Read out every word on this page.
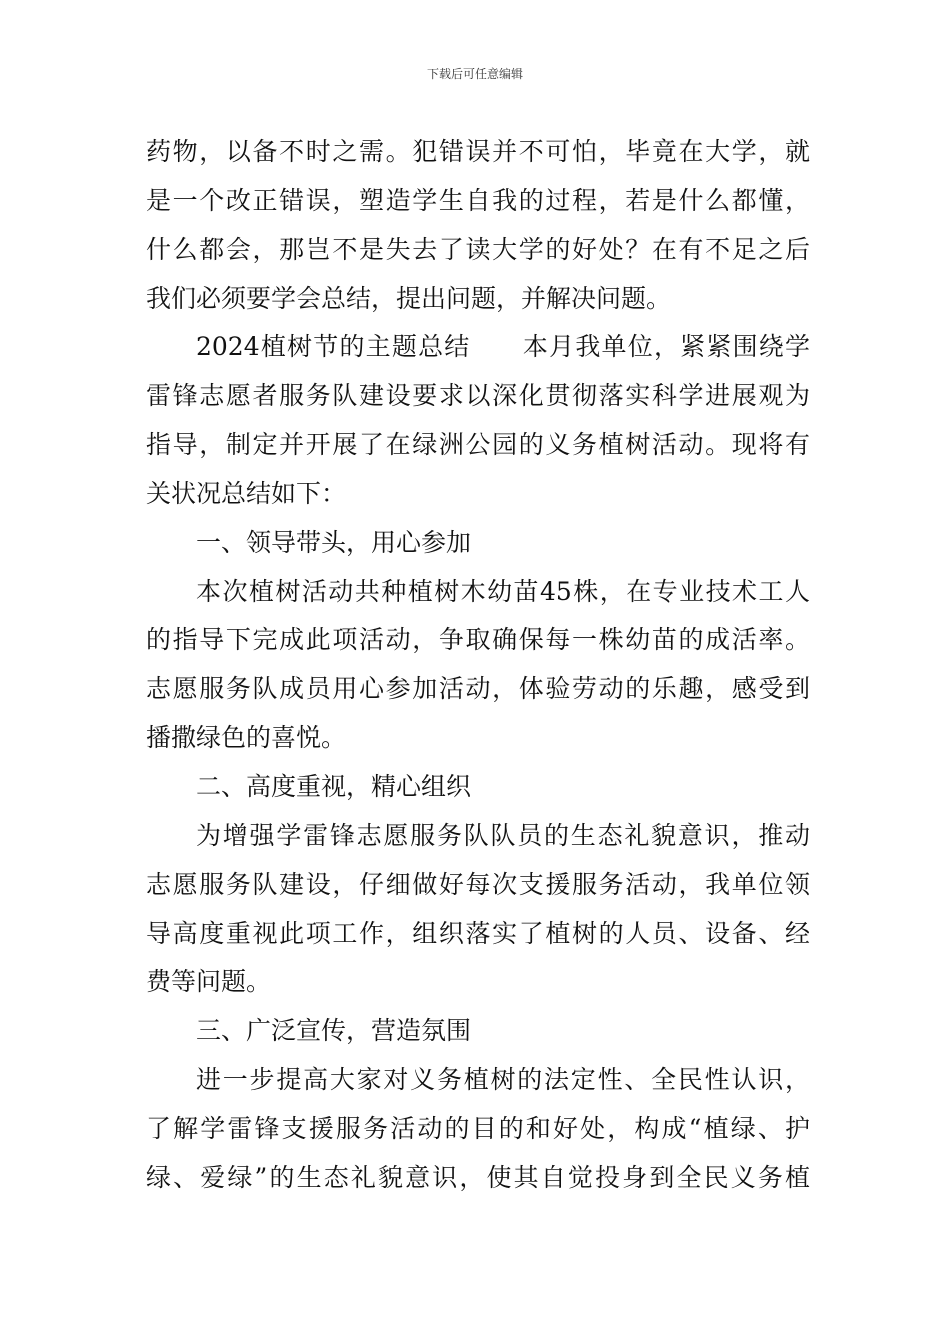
下载后可任意编辑
药物，以备不时之需。犯错误并不可怕，毕竟在大学，就
是一个改正错误，塑造学生自我的过程，若是什么都懂，
什么都会，那岂不是失去了读大学的好处？在有不足之后
我们必须要学会总结，提出问题，并解决问题。
2024植树节的主题总结　　本月我单位，紧紧围绕学
雷锋志愿者服务队建设要求以深化贯彻落实科学进展观为
指导，制定并开展了在绿洲公园的义务植树活动。现将有
关状况总结如下：
一、领导带头，用心参加
本次植树活动共种植树木幼苗45株，在专业技术工人
的指导下完成此项活动，争取确保每一株幼苗的成活率。
志愿服务队成员用心参加活动，体验劳动的乐趣，感受到
播撒绿色的喜悦。
二、高度重视，精心组织
为增强学雷锋志愿服务队队员的生态礼貌意识，推动
志愿服务队建设，仔细做好每次支援服务活动，我单位领
导高度重视此项工作，组织落实了植树的人员、设备、经
费等问题。
三、广泛宣传，营造氛围
进一步提高大家对义务植树的法定性、全民性认识，
了解学雷锋支援服务活动的目的和好处，构成“植绿、护
绿、爱绿”的生态礼貌意识，使其自觉投身到全民义务植
